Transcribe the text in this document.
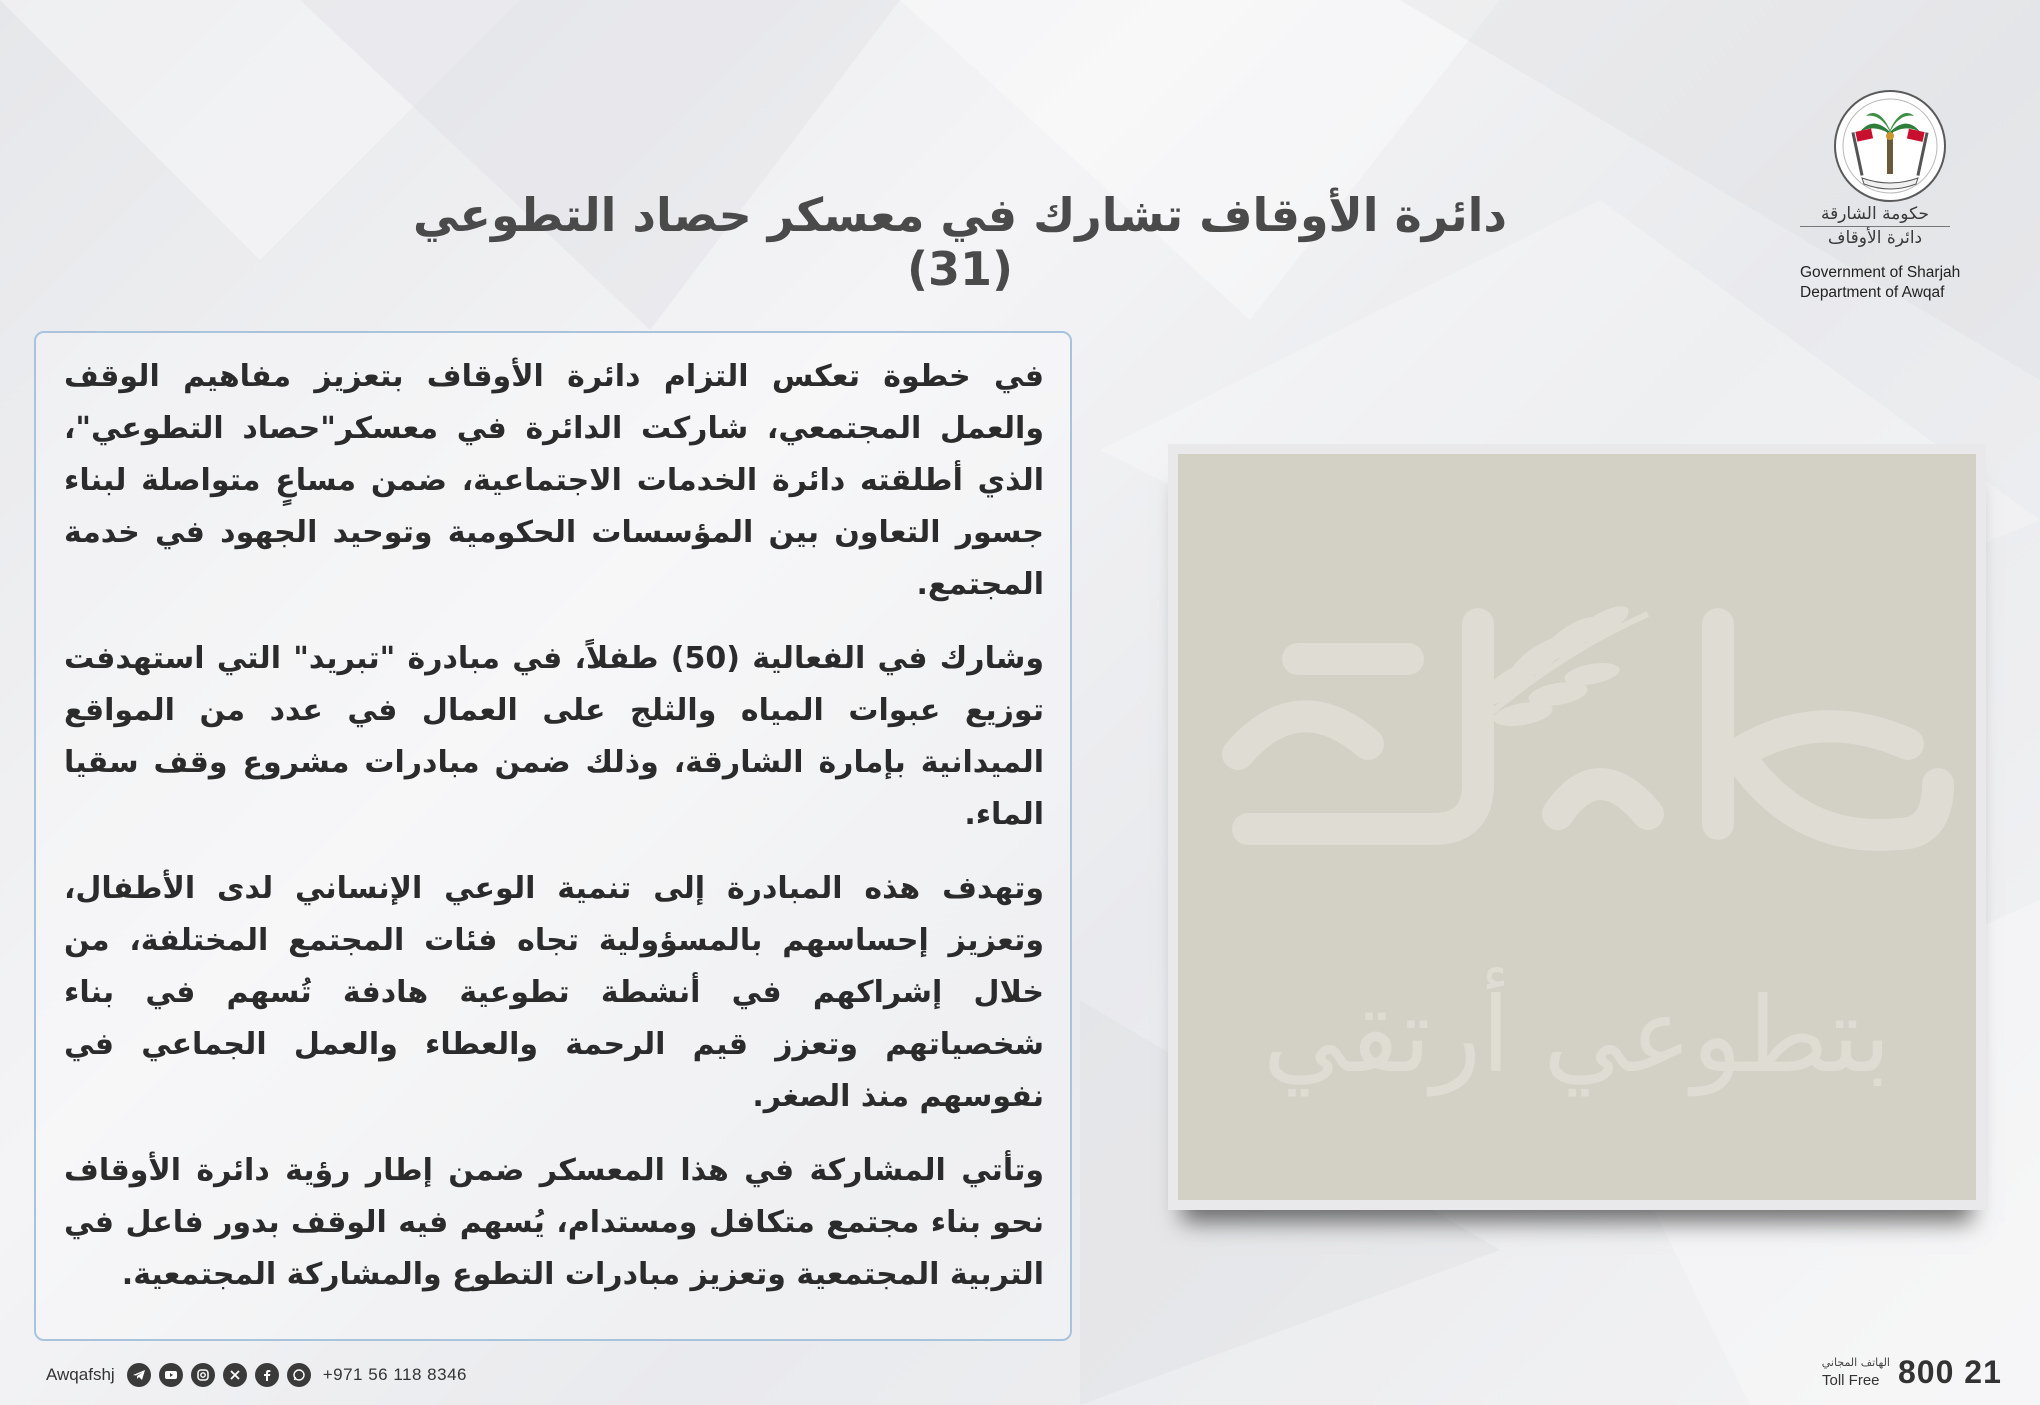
دائرة الأوقاف تشارك في معسكر حصاد التطوعي (31)
حكومة الشارقة
دائرة الأوقاف
Government of Sharjah
Department of Awqaf

في خطوة تعكس التزام دائرة الأوقاف بتعزيز مفاهيم الوقف والعمل المجتمعي، شاركت الدائرة في معسكر"حصاد التطوعي"، الذي أطلقته دائرة الخدمات الاجتماعية، ضمن مساعٍ متواصلة لبناء جسور التعاون بين المؤسسات الحكومية وتوحيد الجهود في خدمة المجتمع.

وشارك في الفعالية (50) طفلاً، في مبادرة "تبريد" التي استهدفت توزيع عبوات المياه والثلج على العمال في عدد من المواقع الميدانية بإمارة الشارقة، وذلك ضمن مبادرات مشروع وقف سقيا الماء.

وتهدف هذه المبادرة إلى تنمية الوعي الإنساني لدى الأطفال، وتعزيز إحساسهم بالمسؤولية تجاه فئات المجتمع المختلفة، من خلال إشراكهم في أنشطة تطوعية هادفة تُسهم في بناء شخصياتهم وتعزز قيم الرحمة والعطاء والعمل الجماعي في نفوسهم منذ الصغر.

وتأتي المشاركة في هذا المعسكر ضمن إطار رؤية دائرة الأوقاف نحو بناء مجتمع متكافل ومستدام، يُسهم فيه الوقف بدور فاعل في التربية المجتمعية وتعزيز مبادرات التطوع والمشاركة المجتمعية.

بتطوعي أرتقي
Awqafshj	+971 56 118 8346
الهاتف المجاني
Toll Free 800 21
